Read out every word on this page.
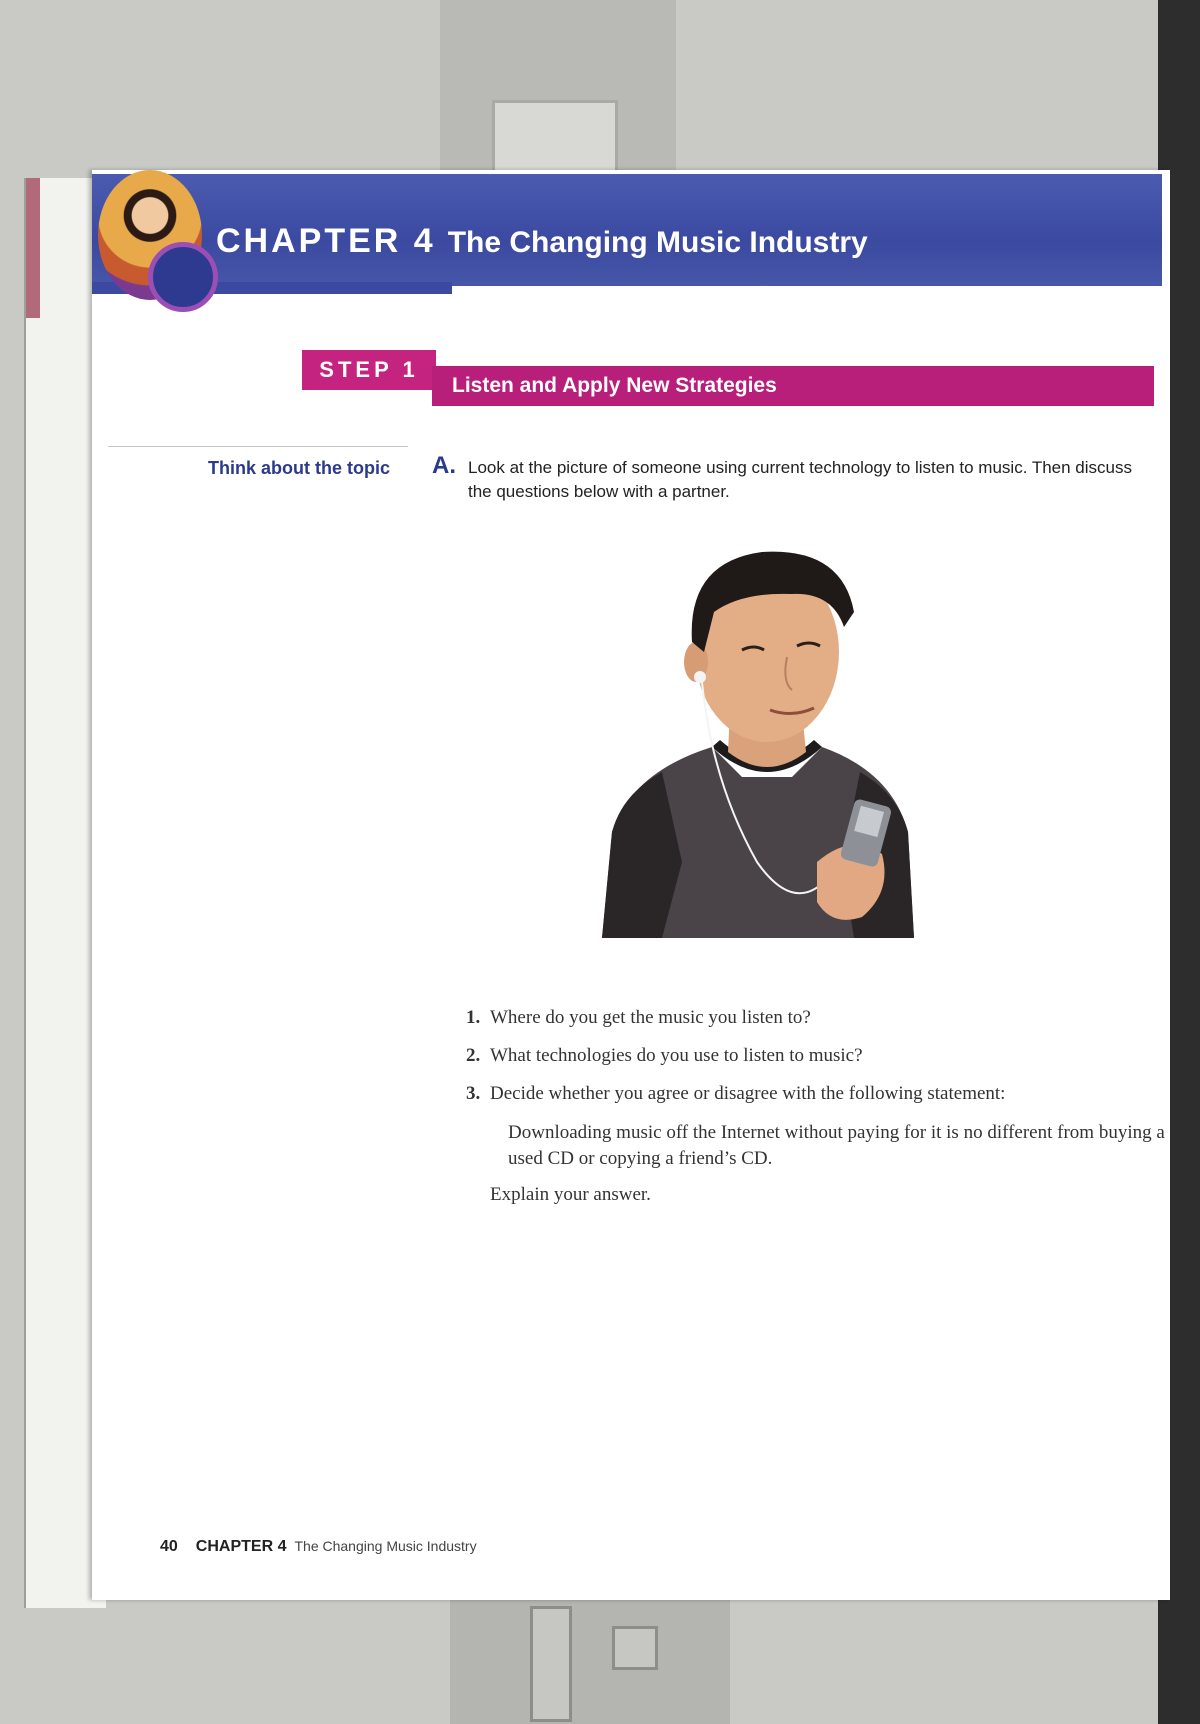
CHAPTER 4 The Changing Music Industry
STEP 1
Listen and Apply New Strategies
Think about the topic A. Look at the picture of someone using current technology to listen to music. Then discuss the questions below with a partner.
1. Where do you get the music you listen to?
2. What technologies do you use to listen to music?
3. Decide whether you agree or disagree with the following statement:
Downloading music off the Internet without paying for it is no different from buying a used CD or copying a friend’s CD.
Explain your answer.
40 CHAPTER 4 The Changing Music Industry
